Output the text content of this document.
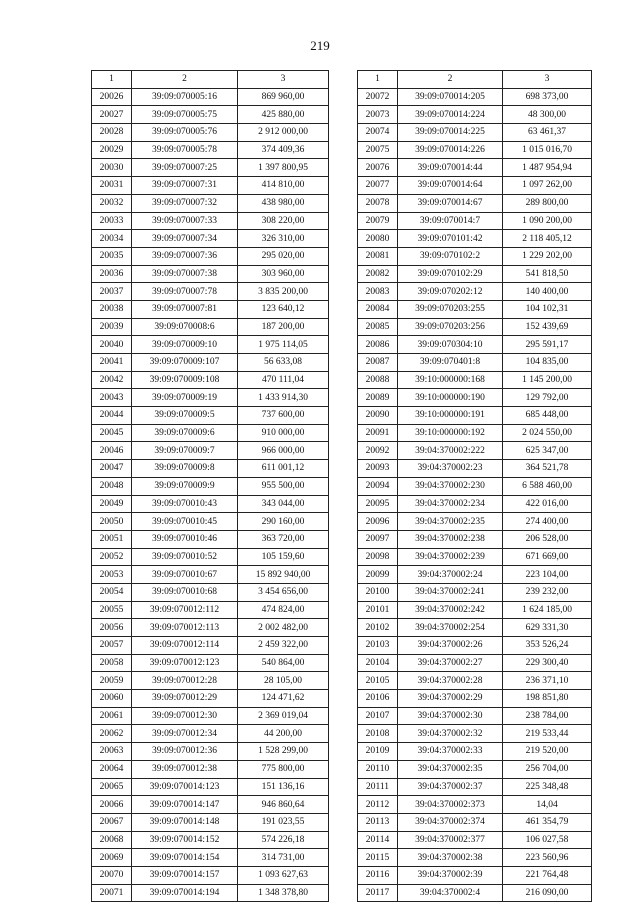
219
1	2	3
20026	39:09:070005:16	869 960,00
20027	39:09:070005:75	425 880,00
20028	39:09:070005:76	2 912 000,00
20029	39:09:070005:78	374 409,36
20030	39:09:070007:25	1 397 800,95
20031	39:09:070007:31	414 810,00
20032	39:09:070007:32	438 980,00
20033	39:09:070007:33	308 220,00
20034	39:09:070007:34	326 310,00
20035	39:09:070007:36	295 020,00
20036	39:09:070007:38	303 960,00
20037	39:09:070007:78	3 835 200,00
20038	39:09:070007:81	123 640,12
20039	39:09:070008:6	187 200,00
20040	39:09:070009:10	1 975 114,05
20041	39:09:070009:107	56 633,08
20042	39:09:070009:108	470 111,04
20043	39:09:070009:19	1 433 914,30
20044	39:09:070009:5	737 600,00
20045	39:09:070009:6	910 000,00
20046	39:09:070009:7	966 000,00
20047	39:09:070009:8	611 001,12
20048	39:09:070009:9	955 500,00
20049	39:09:070010:43	343 044,00
20050	39:09:070010:45	290 160,00
20051	39:09:070010:46	363 720,00
20052	39:09:070010:52	105 159,60
20053	39:09:070010:67	15 892 940,00
20054	39:09:070010:68	3 454 656,00
20055	39:09:070012:112	474 824,00
20056	39:09:070012:113	2 002 482,00
20057	39:09:070012:114	2 459 322,00
20058	39:09:070012:123	540 864,00
20059	39:09:070012:28	28 105,00
20060	39:09:070012:29	124 471,62
20061	39:09:070012:30	2 369 019,04
20062	39:09:070012:34	44 200,00
20063	39:09:070012:36	1 528 299,00
20064	39:09:070012:38	775 800,00
20065	39:09:070014:123	151 136,16
20066	39:09:070014:147	946 860,64
20067	39:09:070014:148	191 023,55
20068	39:09:070014:152	574 226,18
20069	39:09:070014:154	314 731,00
20070	39:09:070014:157	1 093 627,63
20071	39:09:070014:194	1 348 378,80
1	2	3
20072	39:09:070014:205	698 373,00
20073	39:09:070014:224	48 300,00
20074	39:09:070014:225	63 461,37
20075	39:09:070014:226	1 015 016,70
20076	39:09:070014:44	1 487 954,94
20077	39:09:070014:64	1 097 262,00
20078	39:09:070014:67	289 800,00
20079	39:09:070014:7	1 090 200,00
20080	39:09:070101:42	2 118 405,12
20081	39:09:070102:2	1 229 202,00
20082	39:09:070102:29	541 818,50
20083	39:09:070202:12	140 400,00
20084	39:09:070203:255	104 102,31
20085	39:09:070203:256	152 439,69
20086	39:09:070304:10	295 591,17
20087	39:09:070401:8	104 835,00
20088	39:10:000000:168	1 145 200,00
20089	39:10:000000:190	129 792,00
20090	39:10:000000:191	685 448,00
20091	39:10:000000:192	2 024 550,00
20092	39:04:370002:222	625 347,00
20093	39:04:370002:23	364 521,78
20094	39:04:370002:230	6 588 460,00
20095	39:04:370002:234	422 016,00
20096	39:04:370002:235	274 400,00
20097	39:04:370002:238	206 528,00
20098	39:04:370002:239	671 669,00
20099	39:04:370002:24	223 104,00
20100	39:04:370002:241	239 232,00
20101	39:04:370002:242	1 624 185,00
20102	39:04:370002:254	629 331,30
20103	39:04:370002:26	353 526,24
20104	39:04:370002:27	229 300,40
20105	39:04:370002:28	236 371,10
20106	39:04:370002:29	198 851,80
20107	39:04:370002:30	238 784,00
20108	39:04:370002:32	219 533,44
20109	39:04:370002:33	219 520,00
20110	39:04:370002:35	256 704,00
20111	39:04:370002:37	225 348,48
20112	39:04:370002:373	14,04
20113	39:04:370002:374	461 354,79
20114	39:04:370002:377	106 027,58
20115	39:04:370002:38	223 560,96
20116	39:04:370002:39	221 764,48
20117	39:04:370002:4	216 090,00
